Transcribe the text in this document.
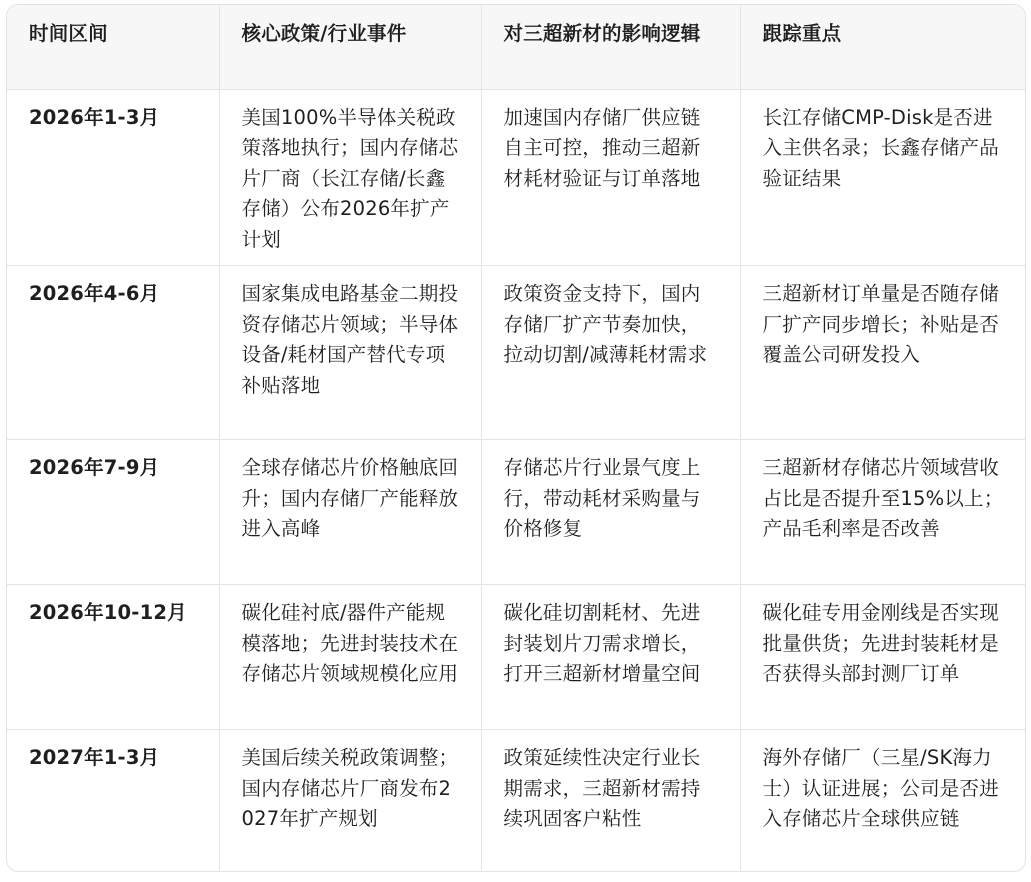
时间区间	核心政策/行业事件	对三超新材的影响逻辑	跟踪重点
2026年1-3月	美国100%半导体关税政策落地执行；国内存储芯片厂商（长江存储/长鑫存储）公布2026年扩产计划	加速国内存储厂供应链自主可控，推动三超新材耗材验证与订单落地	长江存储CMP-Disk是否进入主供名录；长鑫存储产品验证结果
2026年4-6月	国家集成电路基金二期投资存储芯片领域；半导体设备/耗材国产替代专项补贴落地	政策资金支持下，国内存储厂扩产节奏加快，拉动切割/减薄耗材需求	三超新材订单量是否随存储厂扩产同步增长；补贴是否覆盖公司研发投入
2026年7-9月	全球存储芯片价格触底回升；国内存储厂产能释放进入高峰	存储芯片行业景气度上行，带动耗材采购量与价格修复	三超新材存储芯片领域营收占比是否提升至15%以上；产品毛利率是否改善
2026年10-12月	碳化硅衬底/器件产能规模落地；先进封装技术在存储芯片领域规模化应用	碳化硅切割耗材、先进封装划片刀需求增长，打开三超新材增量空间	碳化硅专用金刚线是否实现批量供货；先进封装耗材是否获得头部封测厂订单
2027年1-3月	美国后续关税政策调整；国内存储芯片厂商发布2027年扩产规划	政策延续性决定行业长期需求，三超新材需持续巩固客户粘性	海外存储厂（三星/SK海力士）认证进展；公司是否进入存储芯片全球供应链
